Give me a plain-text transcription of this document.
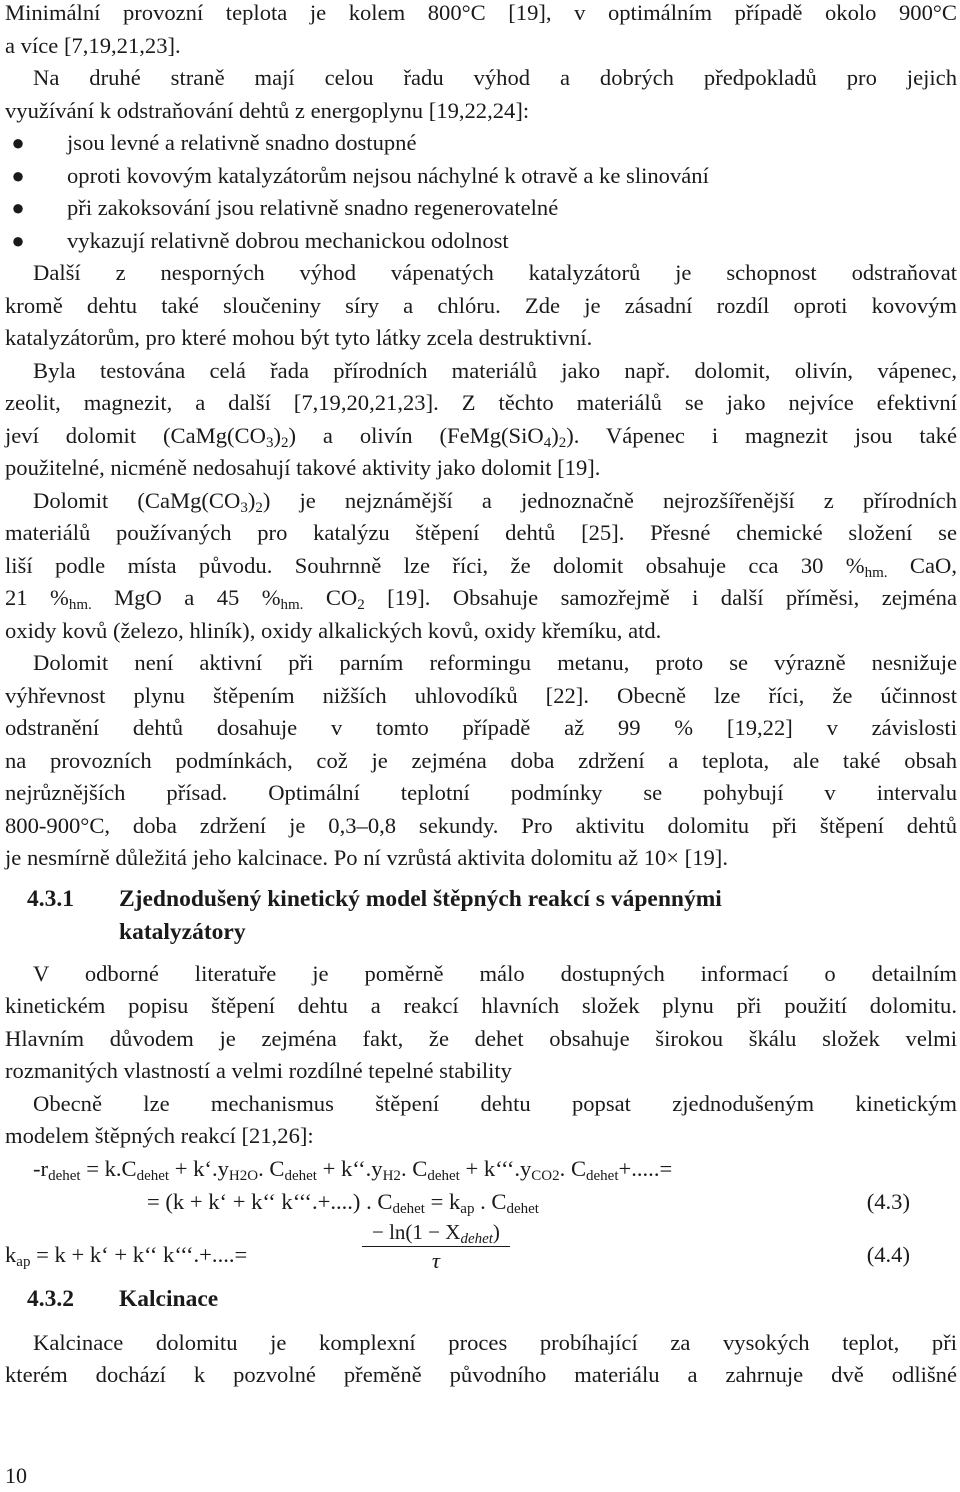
Minimální provozní teplota je kolem 800°C [19], v optimálním případě okolo 900°C
a více [7,19,21,23].

Na druhé straně mají celou řadu výhod a dobrých předpokladů pro jejich
využívání k odstraňování dehtů z energoplynu [19,22,24]:

● jsou levné a relativně snadno dostupné
● oproti kovovým katalyzátorům nejsou náchylné k otravě a ke slinování
● při zakoksování jsou relativně snadno regenerovatelné
● vykazují relativně dobrou mechanickou odolnost

Další z nesporných výhod vápenatých katalyzátorů je schopnost odstraňovat
kromě dehtu také sloučeniny síry a chlóru. Zde je zásadní rozdíl oproti kovovým
katalyzátorům, pro které mohou být tyto látky zcela destruktivní.

Byla testována celá řada přírodních materiálů jako např. dolomit, olivín, vápenec,
zeolit, magnezit, a další [7,19,20,21,23]. Z těchto materiálů se jako nejvíce efektivní
jeví dolomit $(CaMg(CO_3)_2)$ a olivín $(FeMg(SiO_4)_2)$. Vápenec i magnezit jsou také
použitelné, nicméně nedosahují takové aktivity jako dolomit [19].

Dolomit $(CaMg(CO_3)_2)$ je nejznámější a jednoznačně nejrozšířenější z přírodních
materiálů používaných pro katalýzu štěpení dehtů [25]. Přesné chemické složení se
liší podle místa původu. Souhrnně lze říci, že dolomit obsahuje cca 30 $\%_{hm.}$ CaO,
21 $\%_{hm.}$ MgO a 45 $\%_{hm.}$ $CO_2$ [19]. Obsahuje samozřejmě i další příměsi, zejména
oxidy kovů (železo, hliník), oxidy alkalických kovů, oxidy křemíku, atd.

Dolomit není aktivní při parním reformingu metanu, proto se výrazně nesnižuje
výhřevnost plynu štěpením nižších uhlovodíků [22]. Obecně lze říci, že účinnost
odstranění dehtů dosahuje v tomto případě až 99 % [19,22] v závislosti
na provozních podmínkách, což je zejména doba zdržení a teplota, ale také obsah
nejrůznějších přísad. Optimální teplotní podmínky se pohybují v intervalu
800-900°C, doba zdržení je 0,3–0,8 sekundy. Pro aktivitu dolomitu při štěpení dehtů
je nesmírně důležitá jeho kalcinace. Po ní vzrůstá aktivita dolomitu až 10× [19].

4.3.1	Zjednodušený kinetický model štěpných reakcí s vápennými
katalyzátory

V odborné literatuře je poměrně málo dostupných informací o detailním
kinetickém popisu štěpení dehtu a reakcí hlavních složek plynu při použití dolomitu.
Hlavním důvodem je zejména fakt, že dehet obsahuje širokou škálu složek velmi
rozmanitých vlastností a velmi rozdílné tepelné stability

Obecně lze mechanismus štěpení dehtu popsat zjednodušeným kinetickým
modelem štěpných reakcí [21,26]:

$-r_{dehet} = k.C_{dehet}$ + $k‘.y_{H2O}$. $C_{dehet}$ + $k‘‘.y_{H2}$. $C_{dehet}$ + $k‘‘‘.y_{CO2}$. $C_{dehet}+.....=$
= (k + k‘ + k‘‘ k‘‘‘.+....) . $C_{dehet} = k_{ap}$ . $C_{dehet}$	(4.3)
$k_{ap} = k$ + k‘ + k‘‘ k‘‘‘.+....=
− $\ln(1 - X_{dehet})$
τ	(4.4)
4.3.2	Kalcinace

Kalcinace dolomitu je komplexní proces probíhající za vysokých teplot, při
kterém dochází k pozvolné přeměně původního materiálu a zahrnuje dvě odlišné

10
